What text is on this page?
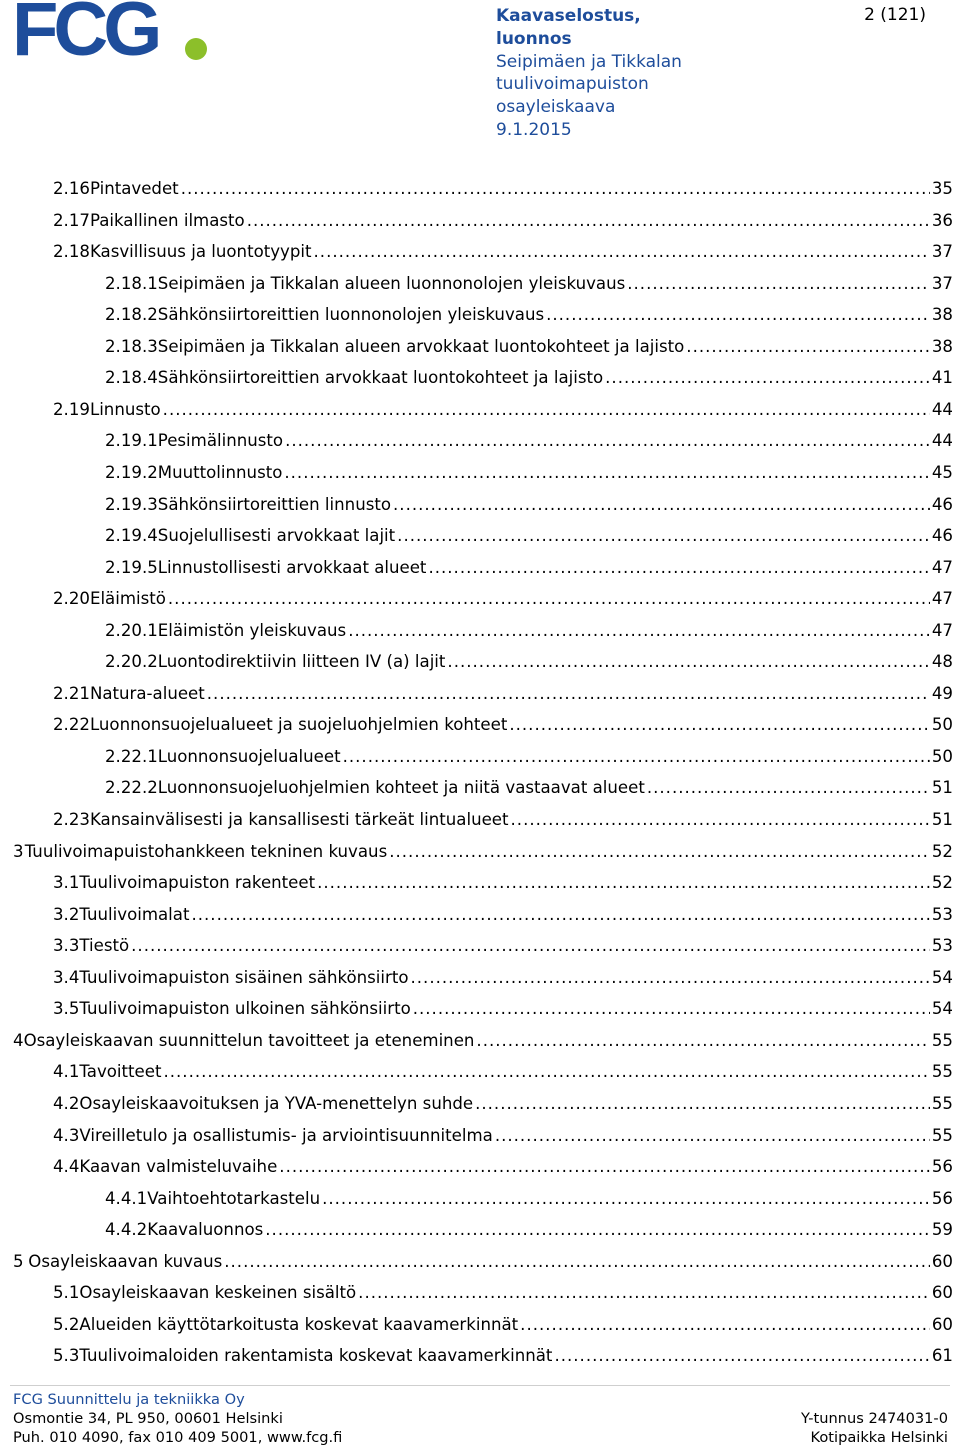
FCG	Kaavaselostus,
luonnos
Seipimäen ja Tikkalan
tuulivoimapuiston
osayleiskaava
9.1.2015
2 (121)
2.16 Pintavedet .....	35
2.17 Paikallinen ilmasto .....	36
2.18 Kasvillisuus ja luontotyypit .....	37
2.18.1 Seipimäen ja Tikkalan alueen luonnonolojen yleiskuvaus .....	37
2.18.2 Sähkönsiirtoreittien luonnonolojen yleiskuvaus .....	38
2.18.3 Seipimäen ja Tikkalan alueen arvokkaat luontokohteet ja lajisto .....	38
2.18.4 Sähkönsiirtoreittien arvokkaat luontokohteet ja lajisto .....	41
2.19 Linnusto .....	44
2.19.1 Pesimälinnusto .....	44
2.19.2 Muuttolinnusto .....	45
2.19.3 Sähkönsiirtoreittien linnusto .....	46
2.19.4 Suojelullisesti arvokkaat lajit .....	46
2.19.5 Linnustollisesti arvokkaat alueet .....	47
2.20 Eläimistö .....	47
2.20.1 Eläimistön yleiskuvaus .....	47
2.20.2 Luontodirektiivin liitteen IV (a) lajit .....	48
2.21 Natura-alueet .....	49
2.22 Luonnonsuojelualueet ja suojeluohjelmien kohteet .....	50
2.22.1 Luonnonsuojelualueet .....	50
2.22.2 Luonnonsuojeluohjelmien kohteet ja niitä vastaavat alueet .....	51
2.23 Kansainvälisesti ja kansallisesti tärkeät lintualueet .....	51
3 Tuulivoimapuistohankkeen tekninen kuvaus .....	52
3.1 Tuulivoimapuiston rakenteet .....	52
3.2 Tuulivoimalat .....	53
3.3 Tiestö .....	53
3.4 Tuulivoimapuiston sisäinen sähkönsiirto .....	54
3.5 Tuulivoimapuiston ulkoinen sähkönsiirto .....	54
4 Osayleiskaavan suunnittelun tavoitteet ja eteneminen .....	55
4.1 Tavoitteet .....	55
4.2 Osayleiskaavoituksen ja YVA-menettelyn suhde .....	55
4.3 Vireilletulo ja osallistumis- ja arviointisuunnitelma .....	55
4.4 Kaavan valmisteluvaihe .....	56
4.4.1 Vaihtoehtotarkastelu .....	56
4.4.2 Kaavaluonnos .....	59
5 Osayleiskaavan kuvaus .....	60
5.1 Osayleiskaavan keskeinen sisältö .....	60
5.2 Alueiden käyttötarkoitusta koskevat kaavamerkinnät .....	60
5.3 Tuulivoimaloiden rakentamista koskevat kaavamerkinnät .....	61
FCG Suunnittelu ja tekniikka Oy
Osmontie 34, PL 950, 00601 Helsinki
Puh. 010 4090, fax 010 409 5001, www.fcg.fi
Y-tunnus 2474031-0
Kotipaikka Helsinki
